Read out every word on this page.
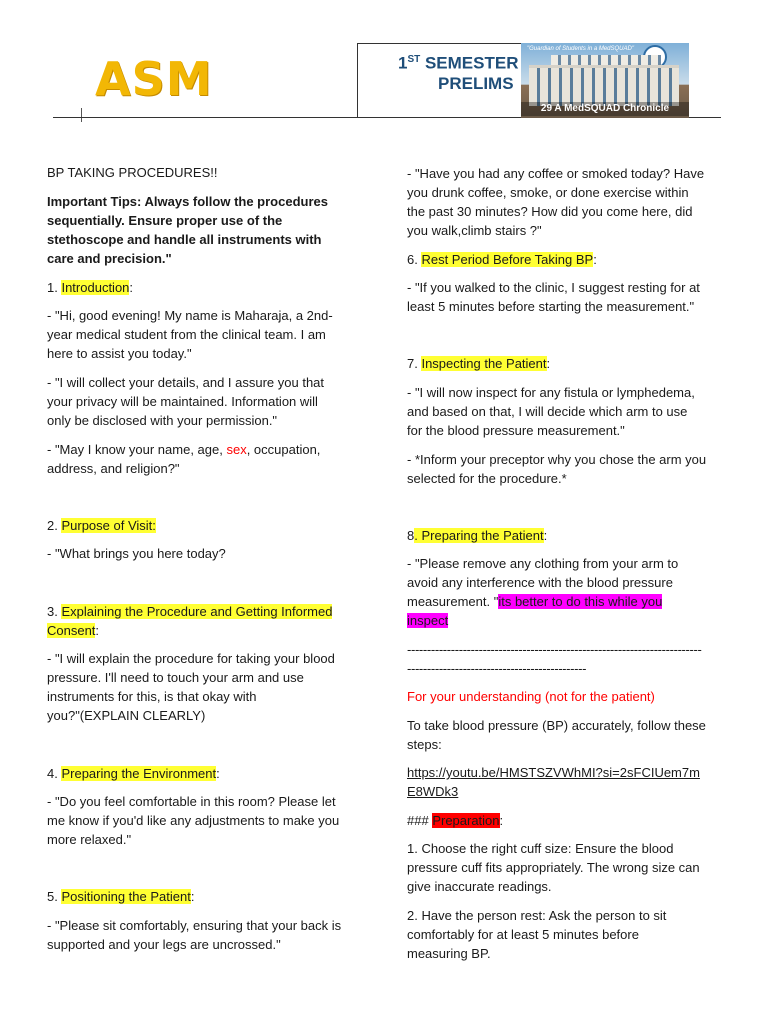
ASM	1ST SEMESTER
PRELIMS
"Guardian of Students in a MedSQUAD"
29 A MedSQUAD Chronicle

BP TAKING PROCEDURES!!

Important Tips: Always follow the procedures

sequentially. Ensure proper use of the

stethoscope and handle all instruments with

care and precision."

1. Introduction:

- "Hi, good evening! My name is Maharaja, a 2nd-

year medical student from the clinical team. I am

here to assist you today."

- "I will collect your details, and I assure you that

your privacy will be maintained. Information will

only be disclosed with your permission."

- "May I know your name, age, sex, occupation,

address, and religion?"

2. Purpose of Visit:

- "What brings you here today?

3. Explaining the Procedure and Getting Informed

Consent:

- "I will explain the procedure for taking your blood

pressure. I'll need to touch your arm and use

instruments for this, is that okay with

you?"(EXPLAIN CLEARLY)

4. Preparing the Environment:

- "Do you feel comfortable in this room? Please let

me know if you'd like any adjustments to make you

more relaxed."

5. Positioning the Patient:

- "Please sit comfortably, ensuring that your back is

supported and your legs are uncrossed."

- "Have you had any coffee or smoked today? Have

you drunk coffee, smoke, or done exercise within

the past 30 minutes? How did you come here, did

you walk,climb stairs ?"

6. Rest Period Before Taking BP:

- "If you walked to the clinic, I suggest resting for at

least 5 minutes before starting the measurement."

7. Inspecting the Patient:

- "I will now inspect for any fistula or lymphedema,

and based on that, I will decide which arm to use

for the blood pressure measurement."

- *Inform your preceptor why you chose the arm you

selected for the procedure.*

8. Preparing the Patient:

- "Please remove any clothing from your arm to

avoid any interference with the blood pressure

measurement. "its better to do this while you

inspect

--------------------------------------------------------------------------

---------------------------------------------

For your understanding (not for the patient)

To take blood pressure (BP) accurately, follow these

steps:

https://youtu.be/HMSTSZVWhMI?si=2sFCIUem7m

E8WDk3

### Preparation:

1. Choose the right cuff size: Ensure the blood

pressure cuff fits appropriately. The wrong size can

give inaccurate readings.

2. Have the person rest: Ask the person to sit

comfortably for at least 5 minutes before

measuring BP.
